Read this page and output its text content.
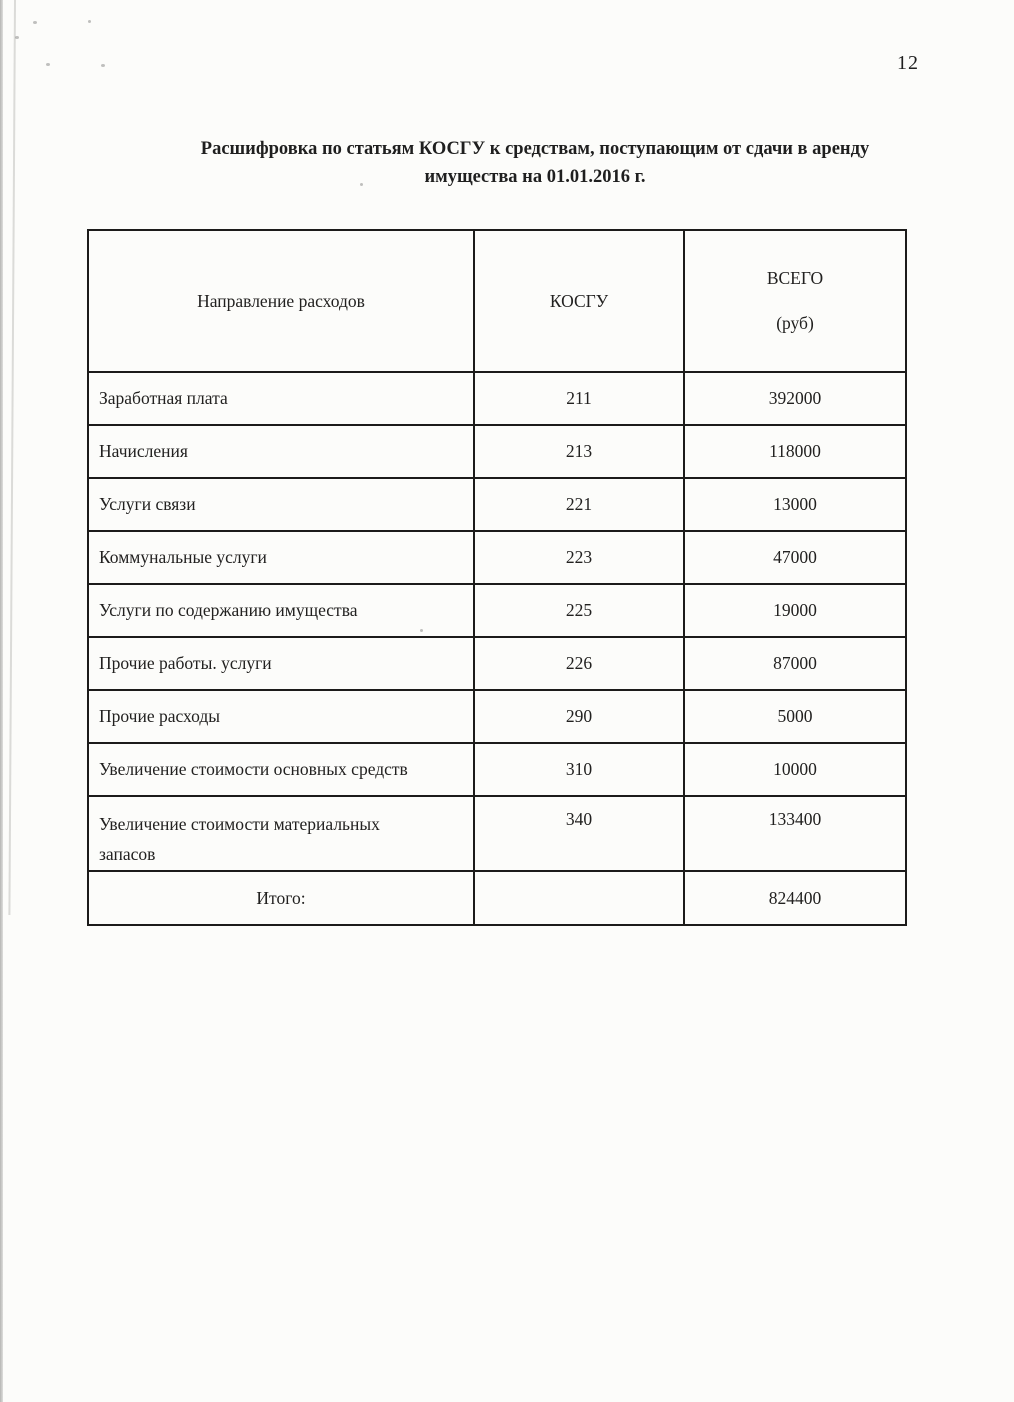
12
Расшифровка по статьям КОСГУ к средствам, поступающим от сдачи в аренду
имущества на 01.01.2016 г.
Направление расходов	КОСГУ	ВСЕГО
(руб)

Заработная плата	211	392000
Начисления	213	118000
Услуги связи	221	13000
Коммунальные услуги	223	47000
Услуги по содержанию имущества	225	19000
Прочие работы. услуги	226	87000
Прочие расходы	290	5000
Увеличение стоимости основных средств	310	10000
Увеличение стоимости материальных запасов	340	133400
Итого:		824400
